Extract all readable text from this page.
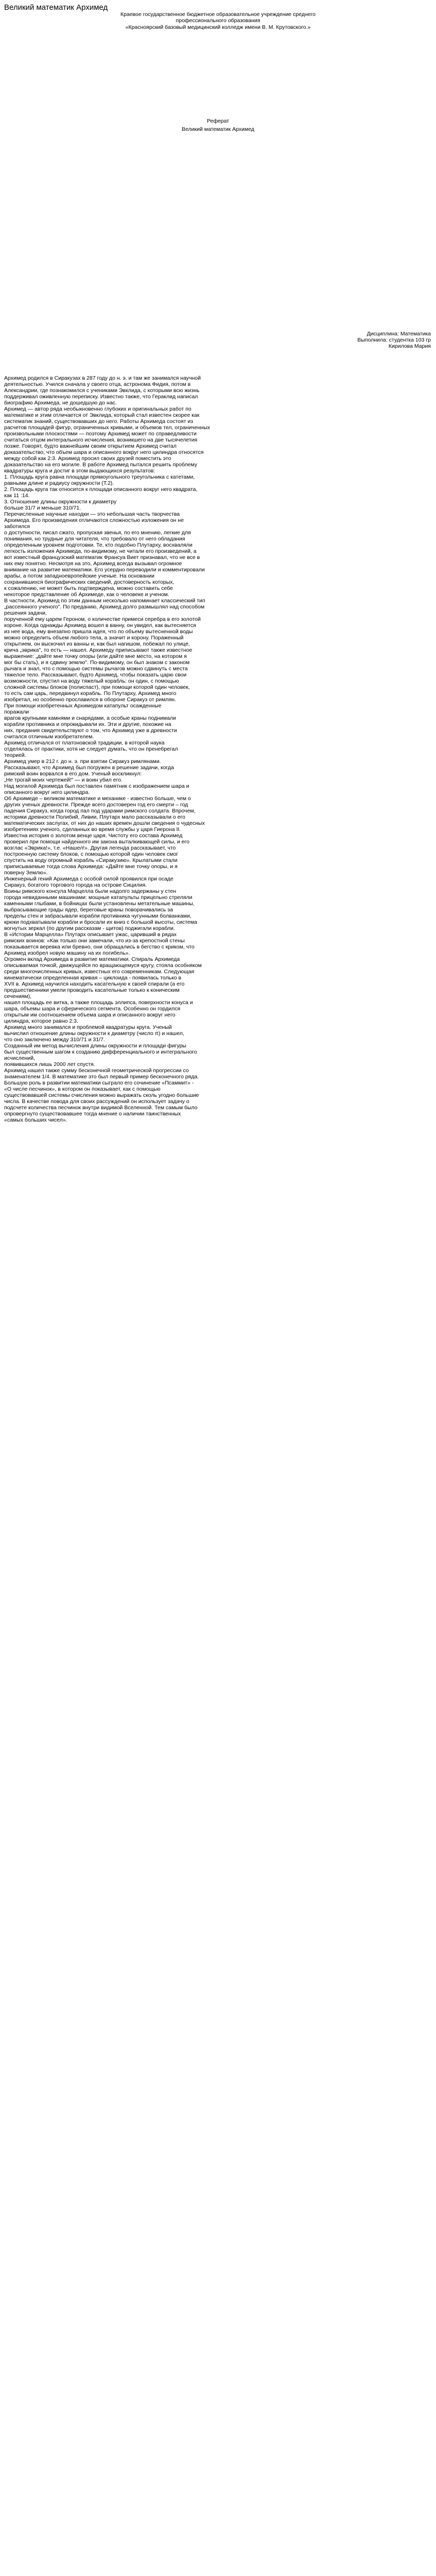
Великий математик Архимед
Краевое государственное бюджетное образовательное учреждение среднего
профессионального образования
«Красноярский базовый медицинский колледж имени В. М. Крутовского.»
Реферат
Великий математик Архимед
Дисциплина: Математика
Выполнила: студентка 103 гр
Кирилова Мария
Архимед родился в Сиракузах в 287 году до н. э. и там же занимался научной
деятельностью. Учился сначала у своего отца, астронома Фидия, потом в
Александрии, где познакомился с учениками Эвклида, с которыми всю жизнь
поддерживал оживленную переписку. Известно также, что Гераклид написал
биографию Архимеда, не дошедшую до нас.
Архимед — автор ряда необыкновенно глубоких и оригинальных работ по
математике и этим отличается от Эвклида, который стал известен скорее как
систематик знаний, существовавших до него. Работы Архимеда состоят из
расчетов площадей фигур, ограниченных кривыми, и объемов тел, ограниченных
произвольными плоскостями — поэтому Архимед может по справедливости
считаться отцом интегрального исчисления, возникшего на две тысячелетия
позже. Говорят, будто важнейшим своим открытием Архимед считал
доказательство, что объем шара и описанного вокруг него цилиндра относятся
между собой как 2:3. Архимед просил своих друзей поместить это
доказательство на его могиле. В работе Архимед пытался решить проблему
квадратуры круга и достиг в этом выдающихся результатов:
1. Площадь круга равна площади прямоугольного треугольника с катетами,
равными длине и радиусу окружности (Т.2).
2. Площадь круга так относится к площади описанного вокруг него квадрата,
как 11 :14.
3. Отношение длины окружности к диаметру
больше 31/7 и меньше 310/71.
Перечисленные научные находки — это небольшая часть творчества
Архимеда. Его произведения отличаются сложностью изложения он не
заботился
о доступности, писал сжато, пропуская звенья, по его мнению, легкие для
понимания, но трудные для читателя, что требовало от него обладания
определенным уровнем подготовки. Те, кто подобно Плутарху, восхваляли
легкость изложения Архимеда, по-видимому, не читали его произведений, а
вот известный французский математик Франсуа Виет признавал, что не все в
них ему понятно. Несмотря на это, Архимед всегда вызывал огромное
внимание на развитие математики. Его усердно переводили и комментировали
арабы, а потом западноевропейские ученые. На основании
сохранившихся биографических сведений, достоверность которых,
к сожалению, не может быть подтверждена, можно составить себе
некоторое представление об Архимеде, как о человеке и ученом.
В частности, Архимед по этим данным несколько напоминает классический тип
„рассеянного ученого". По преданию, Архимед долго размышлял над способом
решения задачи,
порученной ему царем Героном, о количестве примеси серебра в его золотой
короне. Когда однажды Архимед вошел в ванну, он увидел, как вытесняется
из нее вода, ему внезапно пришла идея, что по объему вытесненной воды
можно определить объем любого тела, а значит и корону. Пораженный
открытием, он выскочил из ванны и, как был нагишом, побежал по улице,
крича „эврика", то есть — нашел. Архимеду приписывают также известное
выражение: „дайте мне точку опоры (или дайте мне место, на котором я
мог бы стать), и я сдвину землю". По-видимому, он был знаком с законом
рычага и знал, что с помощью системы рычагов можно сдвинуть с места
тяжелое тело. Рассказывают, будто Архимед, чтобы показать царю свои
возможности, спустил на воду тяжелый корабль: он один, с помощью
сложной системы блоков (полиспаст), при помощи которой один человек,
то есть сам царь, передвинул корабль. По Плутарху, Архимед много
изобретал, но особенно прославился в обороне Сиракуз от римлян.
При помощи изобретенных Архимедом катапульт осажденные
поражали
врагов крупными камнями и снарядами, а особые краны поднимали
корабли противника и опрокидывали их. Эти и другие, похожие на
них, предания свидетельствуют о том, что Архимед уже в древности
считался отличным изобретателем.
Архимед отличался от платоновской традиции, в которой наука
отделялась от практики, хотя не следует думать, что он пренебрегал
теорией.
Архимед умер в 212 г. до н. э. при взятии Сиракуз римлянами.
Рассказывают, что Архимед был погружен в решение задачи, когда
римский воин ворвался в его дом. Ученый воскликнул:
„Не трогай моих чертежей!" — и воин убил его.
Над могилой Архимеда был поставлен памятник с изображением шара и
описанного вокруг него цилиндра.
Об Архимеде – великом математике и механике - известно больше, чем о
других ученых древности. Прежде всего достоверен год его смерти – год
падения Сиракуз, когда город пал под ударами римского солдата. Впрочем,
историки древности Полибий, Ливии, Плутарх мало рассказывали о его
математических заслугах, от них до наших времен дошли сведения о чудесных
изобретениях ученого, сделанных во время службы у царя Гиерона II.
Известна история о золотом венце царя. Чистоту его состава Архимед
проверил при помощи найденного им закона выталкивающей силы, и его
возглас «Эврика!», т.е. «Нашел!». Другая легенда рассказывает, что
построенную систему блоков, с помощью которой один человек смог
спустить на воду огромный корабль «Сиракузию». Крылатыми стали
приписываемые тогда слова Архимеда: «Дайте мне точку опоры, и я
поверну Землю».
Инженерный гений Архимеда с особой силой проявился при осаде
Сиракуз, богатого торгового города на острове Сицилия.
Воины римского консула Марцелла были надолго задержаны у стен
города невиданными машинами: мощные катапульты прицельно стреляли
каменными глыбами, в бойницах были установлены метательные машины,
выбрасывающие грады ядер, береговые краны поворачивались за
пределы стен и забрасывали корабли противника чугунными болванками,
крюки подхватывали корабли и бросали их вниз с большой высоты, система
вогнутых зеркал (по другим рассказам - щитов) поджигали корабли.
В «Истории Марцелла» Плутарх описывает ужас, царивший в рядах
римских воинов: «Как только они замечали, что из-за крепостной стены
показывается веревка или бревно, они обращались в бегство с криком, что
Архимед изобрел новую машину на их погибель».
Огромен вклад Архимеда в развитие математики. Спираль Архимеда
описываемая точкой, движущейся по вращающемуся кругу, стояла особняком
среди многочисленных кривых, известных его современникам. Следующая
кинематически определенная кривая – циклоида - появилась только в
XVII в. Архимед научился находить касательную к своей спирали (а его
предшественники умели проводить касательные только к коническим
сечениям),
нашел площадь ее витка, а также площадь эллипса, поверхности конуса и
шара, объемы шара и сферического сегмента. Особенно он гордился
открытым им соотношением объема шара и описанного вокруг него
цилиндра, которое равно 2:3.
Архимед много занимался и проблемой квадратуры круга. Ученый
вычислил отношение длины окружности к диаметру (число π) и нашел,
что оно заключено между 310/71 и 31/7.
Созданный им метод вычисления длины окружности и площади фигуры
был существенным шагом к созданию дифференциального и интегрального
исчислений,
появившихся лишь 2000 лет спустя.
Архимед нашел также сумму бесконечной геометрической прогрессии со
знаменателем 1/4. В математике это был первый пример бесконечного ряда.
Большую роль в развитии математики сыграло его сочинение «Псаммит» -
«О числе песчинок», в котором он показывает, как с помощью
существовавшей системы счисления можно выражать сколь угодно большие
числа. В качестве повода для своих рассуждений он использует задачу о
подсчете количества песчинок внутри видимой Вселенной. Тем самым было
опровергнуто существовавшее тогда мнение о наличии таинственных
«самых больших чисел».
